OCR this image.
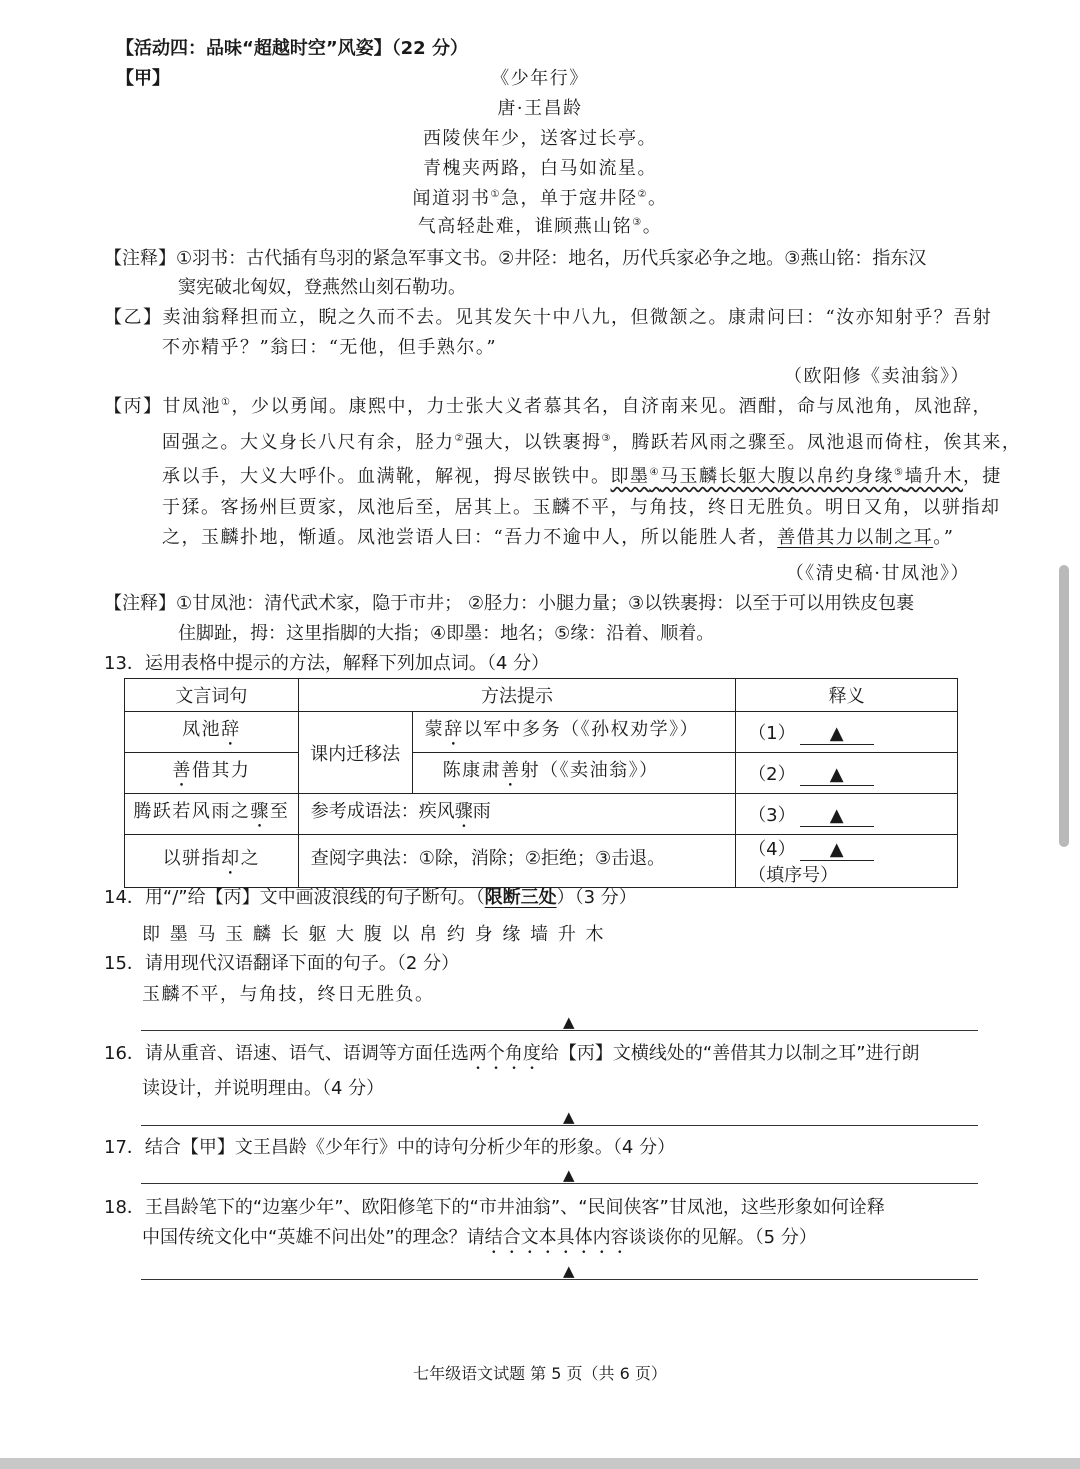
【活动四：品味“超越时空”风姿】（22 分）
【甲】	《少年行》
唐·王昌龄
西陵侠年少，送客过长亭。
青槐夹两路，白马如流星。
闻道羽书①急，单于寇井陉②。
气高轻赴难，谁顾燕山铭③。
【注释】①羽书：古代插有鸟羽的紧急军事文书。②井陉：地名，历代兵家必争之地。③燕山铭：指东汉
窦宪破北匈奴，登燕然山刻石勒功。
【乙】卖油翁释担而立，睨之久而不去。见其发矢十中八九，但微颔之。康肃问曰：“汝亦知射乎？吾射
不亦精乎？”翁曰：“无他，但手熟尔。”
（欧阳修《卖油翁》）
【丙】甘凤池①，少以勇闻。康熙中，力士张大义者慕其名，自济南来见。酒酣，命与凤池角，凤池辞，
固强之。大义身长八尺有余，胫力②强大，以铁裹拇③，腾跃若风雨之骤至。凤池退而倚柱，俟其来，
承以手，大义大呼仆。血满靴，解视，拇尽嵌铁中。即墨④马玉麟长躯大腹以帛约身缘⑤墙升木，捷
于猱。客扬州巨贾家，凤池后至，居其上。玉麟不平，与角技，终日无胜负。明日又角，以骈指却
之，玉麟扑地，惭遁。凤池尝语人曰：“吾力不逾中人，所以能胜人者，善借其力以制之耳。”
（《清史稿·甘凤池》）
【注释】①甘凤池：清代武术家，隐于市井； ②胫力：小腿力量；③以铁裹拇：以至于可以用铁皮包裹
住脚趾，拇：这里指脚的大指；④即墨：地名；⑤缘：沿着、顺着。
13．运用表格中提示的方法，解释下列加点词。（4 分）
文言词句	方法提示		释义
凤池辞	课内迁移法	蒙辞以军中多务（《孙权劝学》）	（1） ▲
善借其力		陈康肃善射（《卖油翁》）	（2） ▲
腾跃若风雨之骤至	参考成语法：疾风骤雨		（3） ▲
以骈指却之	查阅字典法：①除，消除；②拒绝；③击退。		（4） ▲（填序号）
14．用“/”给【丙】文中画波浪线的句子断句。（限断三处）（3 分）
即 墨 马 玉 麟 长 躯 大 腹 以 帛 约 身 缘 墙 升 木
15．请用现代汉语翻译下面的句子。（2 分）
玉麟不平，与角技，终日无胜负。
▲
16．请从重音、语速、语气、语调等方面任选两个角度给【丙】文横线处的“善借其力以制之耳”进行朗
读设计，并说明理由。（4 分）
▲
17．结合【甲】文王昌龄《少年行》中的诗句分析少年的形象。（4 分）
▲
18．王昌龄笔下的“边塞少年”、欧阳修笔下的“市井油翁”、“民间侠客”甘凤池，这些形象如何诠释
中国传统文化中“英雄不问出处”的理念？请结合文本具体内容谈谈你的见解。（5 分）
▲
七年级语文试题 第 5 页（共 6 页）
